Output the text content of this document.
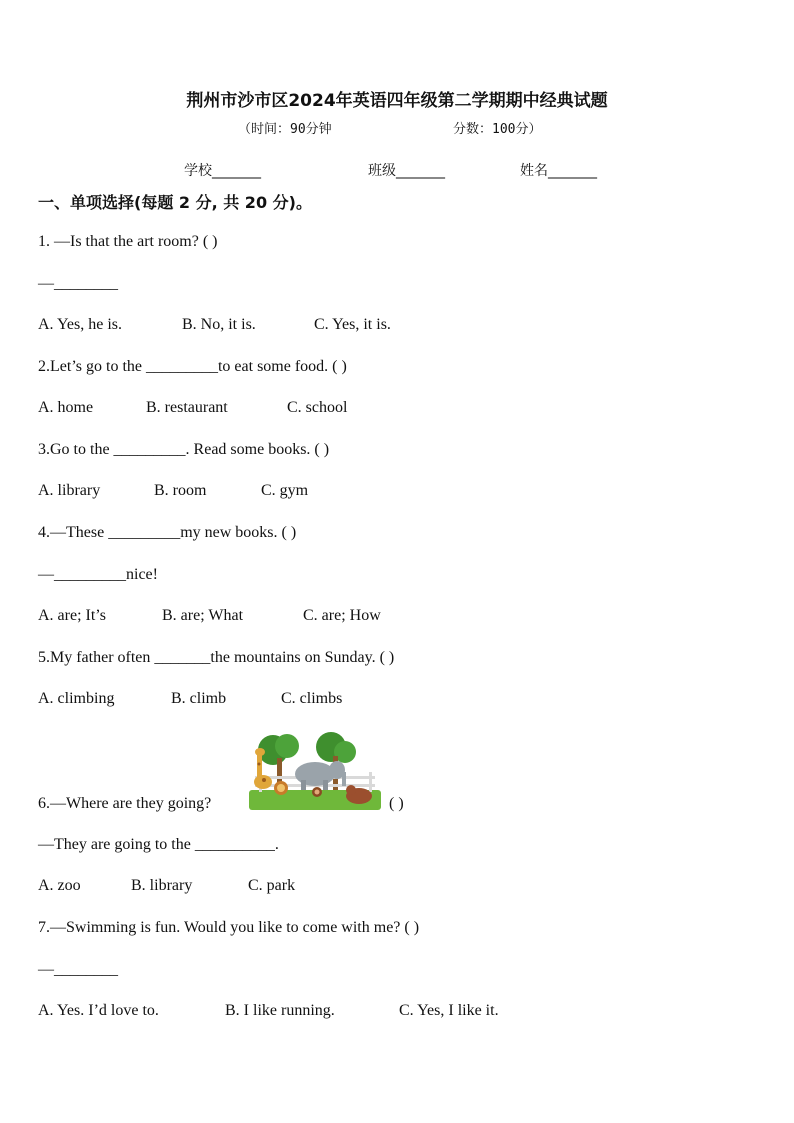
荆州市沙市区2024年英语四年级第二学期期中经典试题
（时间：90分钟	分数：100分）
学校_______	班级_______	姓名_______
一、单项选择(每题 2 分, 共 20 分)。
1. —Is that the art room? ( )
—________
A. Yes, he is.	B. No, it is.	C. Yes, it is.
2.Let’s go to the _________to eat some food. ( )
A. home	B. restaurant	C. school
3.Go to the _________. Read some books. ( )
A. library	B. room	C. gym
4.—These _________my new books. ( )
—_________nice!
A. are; It’s	B. are; What	C. are; How
5.My father often _______the mountains on Sunday. ( )
A. climbing	B. climb	C. climbs
6.—Where are they going?	( )
—They are going to the __________.
A. zoo	B. library	C. park
7.—Swimming is fun. Would you like to come with me? ( )
—________
A. Yes. I’d love to.	B. I like running.	C. Yes, I like it.
